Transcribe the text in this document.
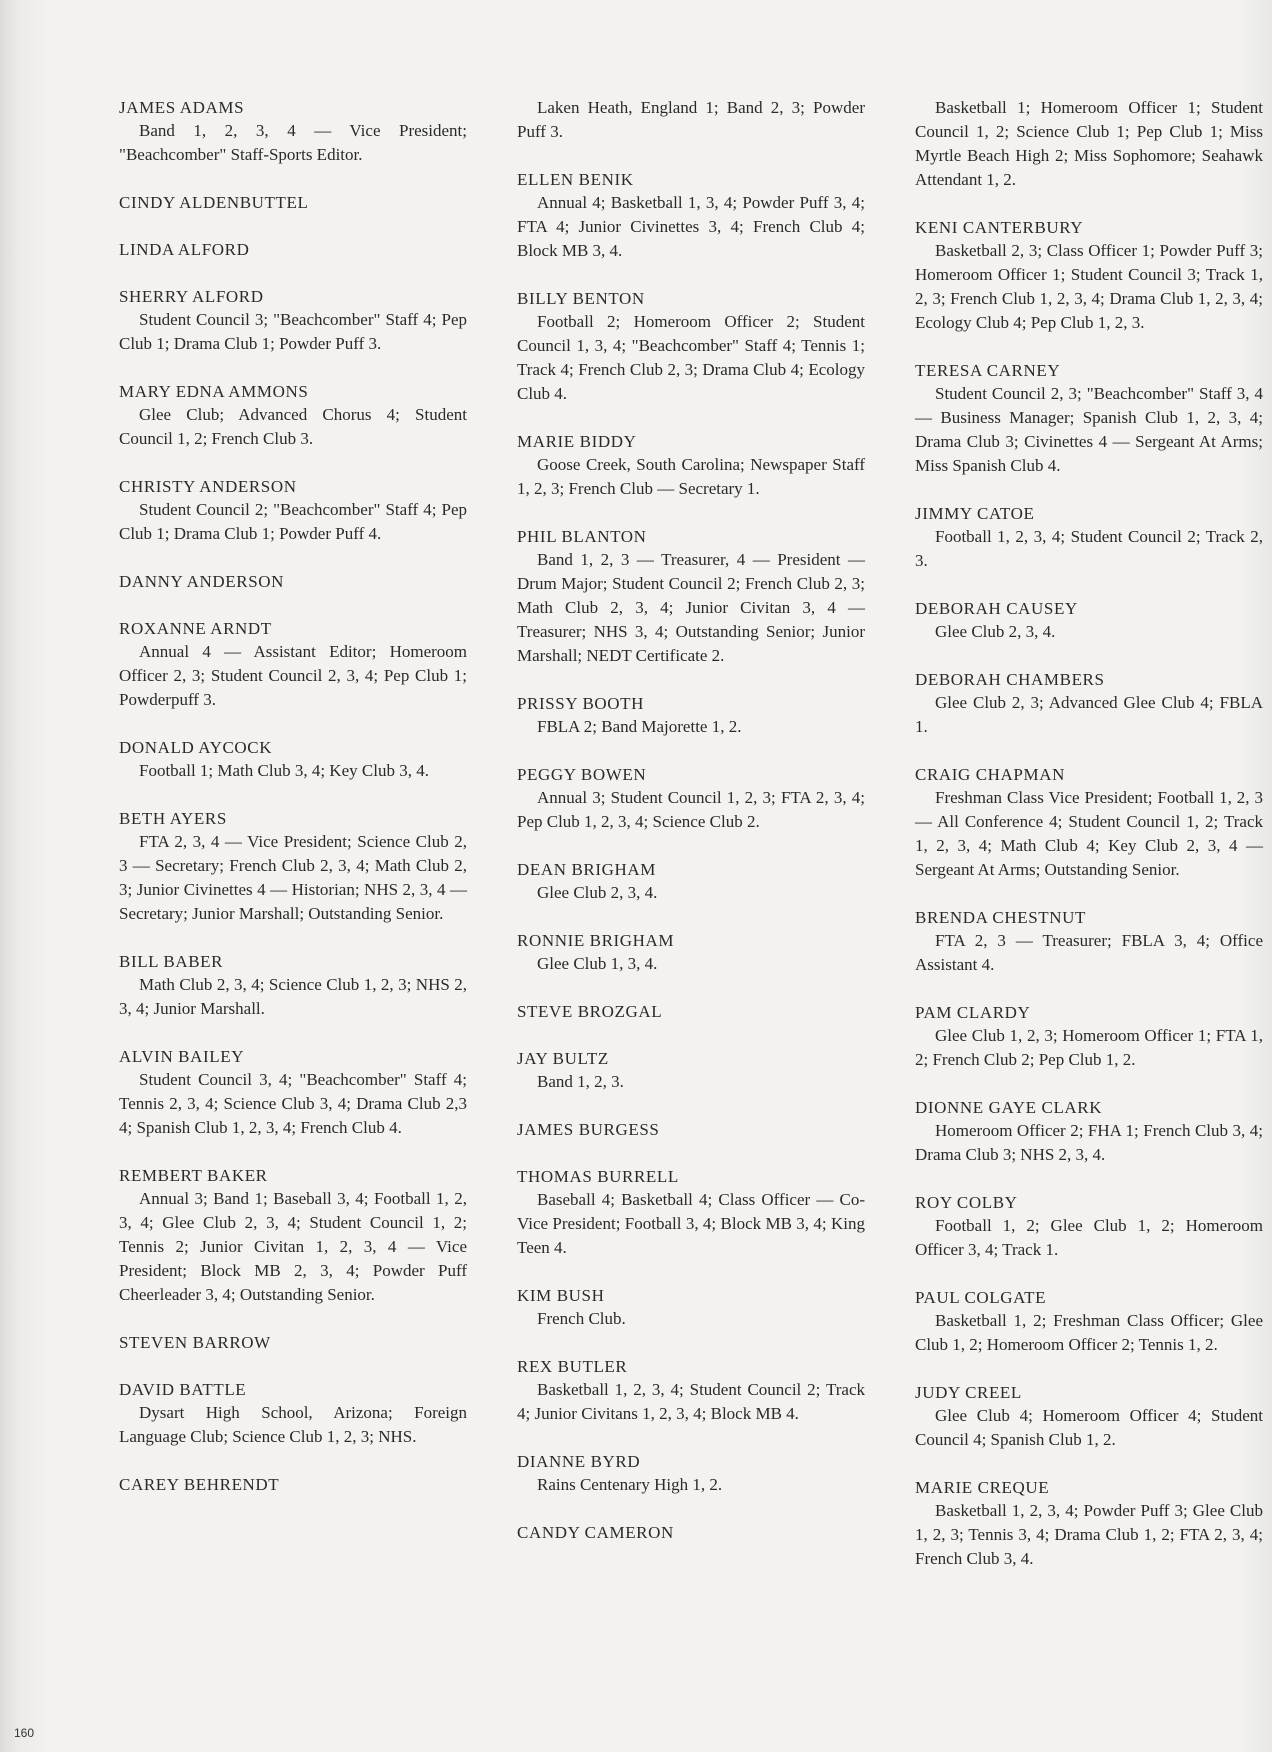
JAMES ADAMS

Band 1, 2, 3, 4 — Vice President; "Beachcomber" Staff-Sports Editor.

CINDY ALDENBUTTEL

LINDA ALFORD

SHERRY ALFORD

Student Council 3; "Beachcomber" Staff 4; Pep Club 1; Drama Club 1; Powder Puff 3.

MARY EDNA AMMONS

Glee Club; Advanced Chorus 4; Student Council 1, 2; French Club 3.

CHRISTY ANDERSON

Student Council 2; "Beachcomber" Staff 4; Pep Club 1; Drama Club 1; Powder Puff 4.

DANNY ANDERSON

ROXANNE ARNDT

Annual 4 — Assistant Editor; Homeroom Officer 2, 3; Student Council 2, 3, 4; Pep Club 1; Powderpuff 3.

DONALD AYCOCK

Football 1; Math Club 3, 4; Key Club 3, 4.

BETH AYERS

FTA 2, 3, 4 — Vice President; Science Club 2, 3 — Secretary; French Club 2, 3, 4; Math Club 2, 3; Junior Civinettes 4 — Historian; NHS 2, 3, 4 — Secretary; Junior Marshall; Outstanding Senior.

BILL BABER

Math Club 2, 3, 4; Science Club 1, 2, 3; NHS 2, 3, 4; Junior Marshall.

ALVIN BAILEY

Student Council 3, 4; "Beachcomber" Staff 4; Tennis 2, 3, 4; Science Club 3, 4; Drama Club 2,3 4; Spanish Club 1, 2, 3, 4; French Club 4.

REMBERT BAKER

Annual 3; Band 1; Baseball 3, 4; Football 1, 2, 3, 4; Glee Club 2, 3, 4; Student Council 1, 2; Tennis 2; Junior Civitan 1, 2, 3, 4 — Vice President; Block MB 2, 3, 4; Powder Puff Cheerleader 3, 4; Outstanding Senior.

STEVEN BARROW

DAVID BATTLE

Dysart High School, Arizona; Foreign Language Club; Science Club 1, 2, 3; NHS.

CAREY BEHRENDT

Laken Heath, England 1; Band 2, 3; Powder Puff 3.

ELLEN BENIK

Annual 4; Basketball 1, 3, 4; Powder Puff 3, 4; FTA 4; Junior Civinettes 3, 4; French Club 4; Block MB 3, 4.

BILLY BENTON

Football 2; Homeroom Officer 2; Student Council 1, 3, 4; "Beachcomber" Staff 4; Tennis 1; Track 4; French Club 2, 3; Drama Club 4; Ecology Club 4.

MARIE BIDDY

Goose Creek, South Carolina; Newspaper Staff 1, 2, 3; French Club — Secretary 1.

PHIL BLANTON

Band 1, 2, 3 — Treasurer, 4 — President — Drum Major; Student Council 2; French Club 2, 3; Math Club 2, 3, 4; Junior Civitan 3, 4 — Treasurer; NHS 3, 4; Outstanding Senior; Junior Marshall; NEDT Certificate 2.

PRISSY BOOTH

FBLA 2; Band Majorette 1, 2.

PEGGY BOWEN

Annual 3; Student Council 1, 2, 3; FTA 2, 3, 4; Pep Club 1, 2, 3, 4; Science Club 2.

DEAN BRIGHAM

Glee Club 2, 3, 4.

RONNIE BRIGHAM

Glee Club 1, 3, 4.

STEVE BROZGAL

JAY BULTZ

Band 1, 2, 3.

JAMES BURGESS

THOMAS BURRELL

Baseball 4; Basketball 4; Class Officer — Co-Vice President; Football 3, 4; Block MB 3, 4; King Teen 4.

KIM BUSH

French Club.

REX BUTLER

Basketball 1, 2, 3, 4; Student Council 2; Track 4; Junior Civitans 1, 2, 3, 4; Block MB 4.

DIANNE BYRD

Rains Centenary High 1, 2.

CANDY CAMERON

Basketball 1; Homeroom Officer 1; Student Council 1, 2; Science Club 1; Pep Club 1; Miss Myrtle Beach High 2; Miss Sophomore; Seahawk Attendant 1, 2.

KENI CANTERBURY

Basketball 2, 3; Class Officer 1; Powder Puff 3; Homeroom Officer 1; Student Council 3; Track 1, 2, 3; French Club 1, 2, 3, 4; Drama Club 1, 2, 3, 4; Ecology Club 4; Pep Club 1, 2, 3.

TERESA CARNEY

Student Council 2, 3; "Beachcomber" Staff 3, 4 — Business Manager; Spanish Club 1, 2, 3, 4; Drama Club 3; Civinettes 4 — Sergeant At Arms; Miss Spanish Club 4.

JIMMY CATOE

Football 1, 2, 3, 4; Student Council 2; Track 2, 3.

DEBORAH CAUSEY

Glee Club 2, 3, 4.

DEBORAH CHAMBERS

Glee Club 2, 3; Advanced Glee Club 4; FBLA 1.

CRAIG CHAPMAN

Freshman Class Vice President; Football 1, 2, 3 — All Conference 4; Student Council 1, 2; Track 1, 2, 3, 4; Math Club 4; Key Club 2, 3, 4 — Sergeant At Arms; Outstanding Senior.

BRENDA CHESTNUT

FTA 2, 3 — Treasurer; FBLA 3, 4; Office Assistant 4.

PAM CLARDY

Glee Club 1, 2, 3; Homeroom Officer 1; FTA 1, 2; French Club 2; Pep Club 1, 2.

DIONNE GAYE CLARK

Homeroom Officer 2; FHA 1; French Club 3, 4; Drama Club 3; NHS 2, 3, 4.

ROY COLBY

Football 1, 2; Glee Club 1, 2; Homeroom Officer 3, 4; Track 1.

PAUL COLGATE

Basketball 1, 2; Freshman Class Officer; Glee Club 1, 2; Homeroom Officer 2; Tennis 1, 2.

JUDY CREEL

Glee Club 4; Homeroom Officer 4; Student Council 4; Spanish Club 1, 2.

MARIE CREQUE

Basketball 1, 2, 3, 4; Powder Puff 3; Glee Club 1, 2, 3; Tennis 3, 4; Drama Club 1, 2; FTA 2, 3, 4; French Club 3, 4.

160
